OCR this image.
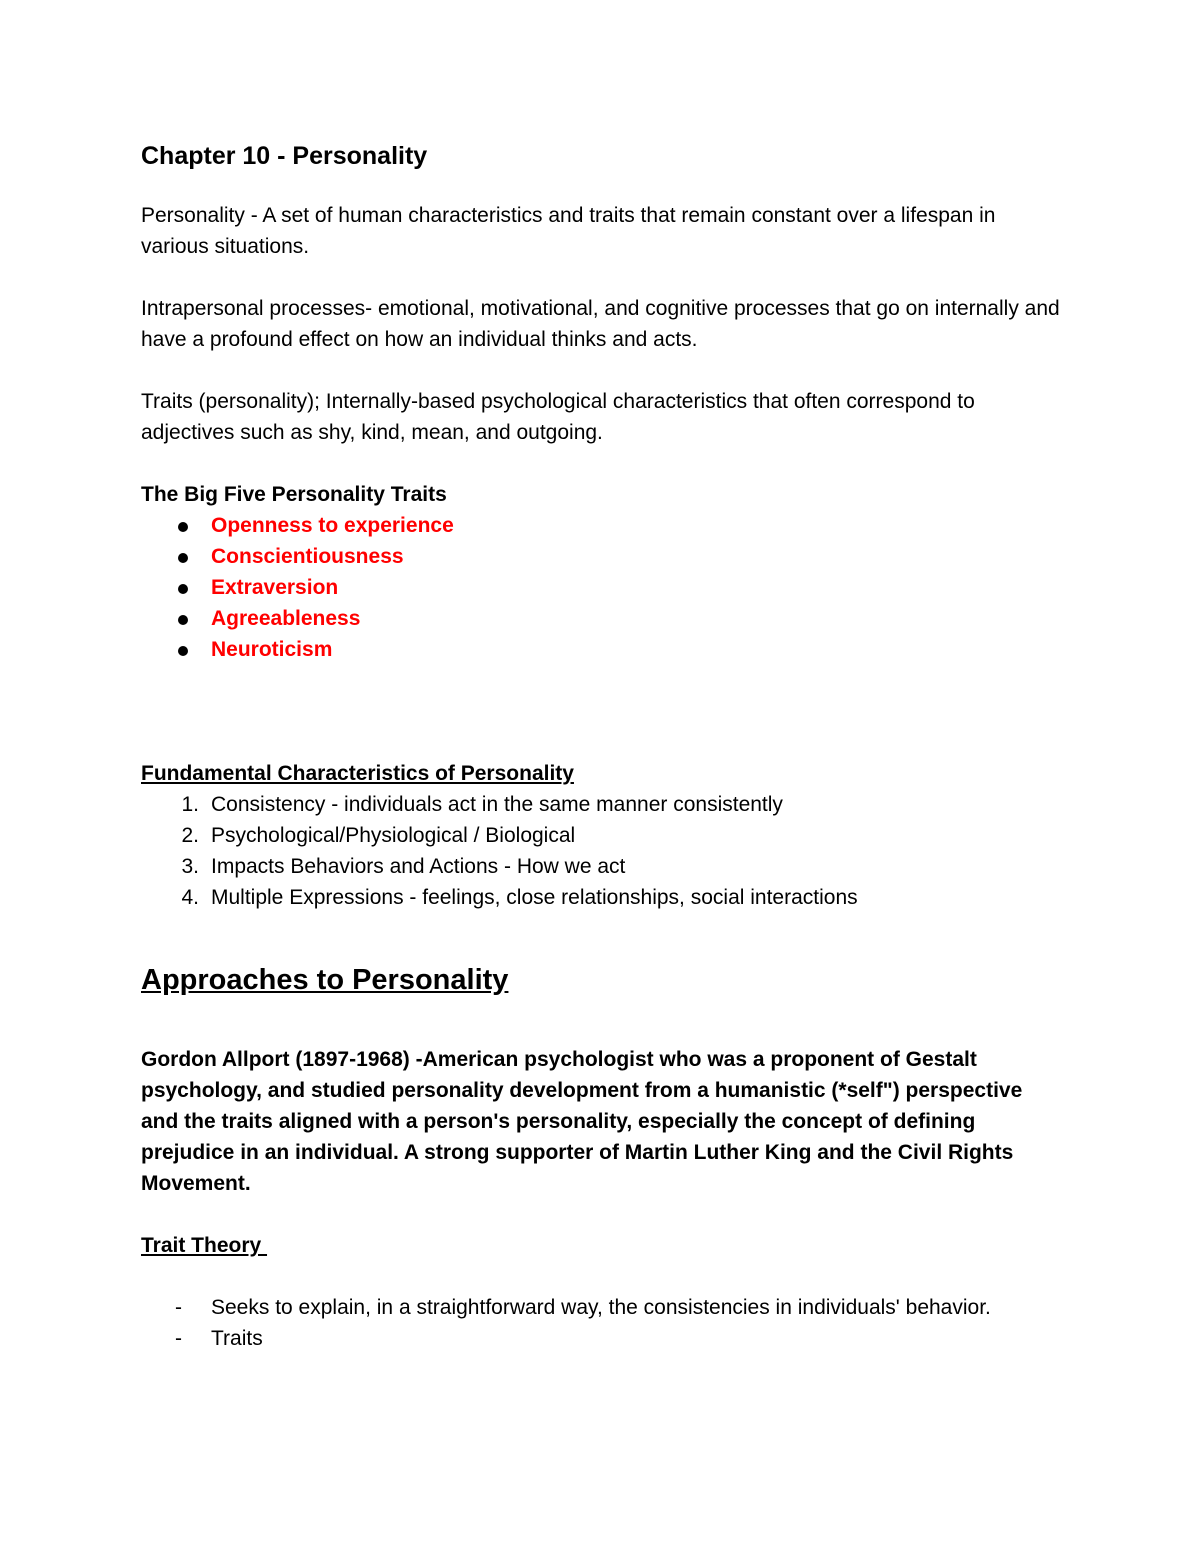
Chapter 10 - Personality

Personality - A set of human characteristics and traits that remain constant over a lifespan in various situations.

Intrapersonal processes- emotional, motivational, and cognitive processes that go on internally and have a profound effect on how an individual thinks and acts.

Traits (personality); Internally-based psychological characteristics that often correspond to adjectives such as shy, kind, mean, and outgoing.

The Big Five Personality Traits

Openness to experience
Conscientiousness
Extraversion
Agreeableness
Neuroticism

Fundamental Characteristics of Personality

1. Consistency - individuals act in the same manner consistently
2. Psychological/Physiological / Biological
3. Impacts Behaviors and Actions - How we act
4. Multiple Expressions - feelings, close relationships, social interactions

Approaches to Personality

Gordon Allport (1897-1968) -American psychologist who was a proponent of Gestalt psychology, and studied personality development from a humanistic (*self") perspective and the traits aligned with a person's personality, especially the concept of defining prejudice in an individual. A strong supporter of Martin Luther King and the Civil Rights Movement.

Trait Theory

- Seeks to explain, in a straightforward way, the consistencies in individuals' behavior.
- Traits
